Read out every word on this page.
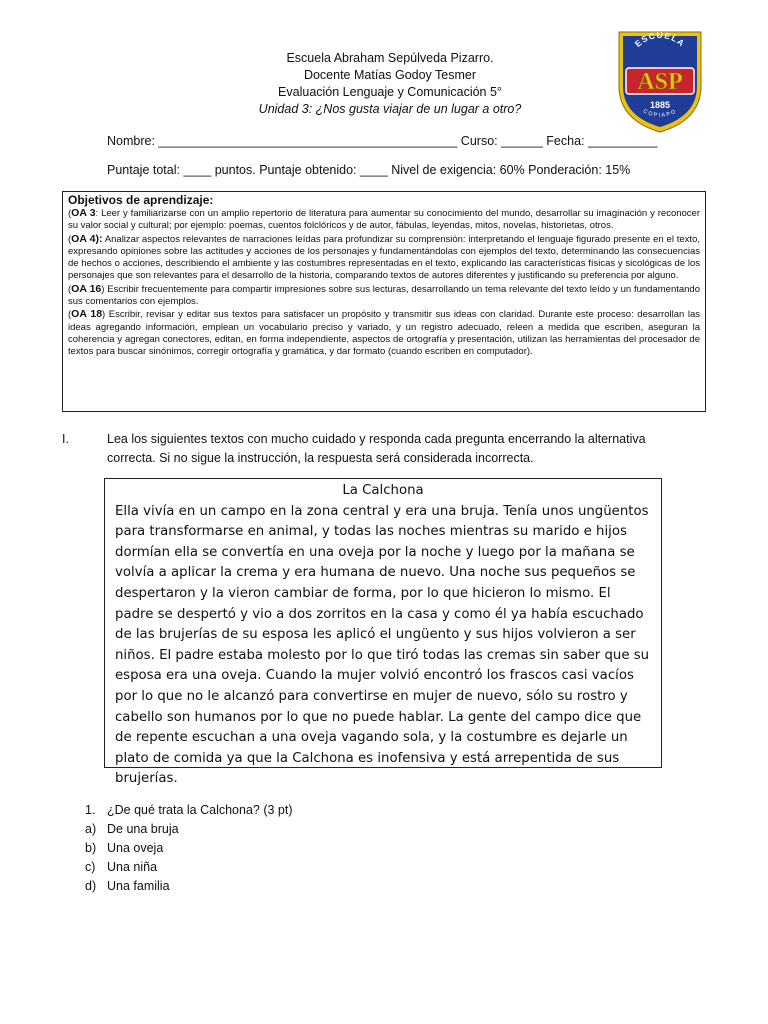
Escuela Abraham Sepúlveda Pizarro.
Docente Matías Godoy Tesmer
Evaluación Lenguaje y Comunicación 5°
Unidad 3: ¿Nos gusta viajar de un lugar a otro?
ESCUELA
ASP
1885
COPIAPO
Nombre: ___________________________________________ Curso: ______ Fecha: __________
Puntaje total: ____ puntos. Puntaje obtenido: ____ Nivel de exigencia: 60% Ponderación: 15%
Objetivos de aprendizaje:

(OA 3: Leer y familiarizarse con un amplio repertorio de literatura para aumentar su conocimiento del mundo, desarrollar su imaginación y reconocer su valor social y cultural; por ejemplo: poemas, cuentos folclóricos y de autor, fábulas, leyendas, mitos, novelas, historietas, otros.

(OA 4): Analizar aspectos relevantes de narraciones leídas para profundizar su comprensión: interpretando el lenguaje figurado presente en el texto, expresando opiniones sobre las actitudes y acciones de los personajes y fundamentándolas con ejemplos del texto, determinando las consecuencias de hechos o acciones, describiendo el ambiente y las costumbres representadas en el texto, explicando las características físicas y sicológicas de los personajes que son relevantes para el desarrollo de la historia, comparando textos de autores diferentes y justificando su preferencia por alguno.

(OA 16) Escribir frecuentemente para compartir impresiones sobre sus lecturas, desarrollando un tema relevante del texto leído y un fundamentando sus comentarios con ejemplos.

(OA 18) Escribir, revisar y editar sus textos para satisfacer un propósito y transmitir sus ideas con claridad. Durante este proceso: desarrollan las ideas agregando información, emplean un vocabulario preciso y variado, y un registro adecuado, releen a medida que escriben, aseguran la coherencia y agregan conectores, editan, en forma independiente, aspectos de ortografía y presentación, utilizan las herramientas del procesador de textos para buscar sinónimos, corregir ortografía y gramática, y dar formato (cuando escriben en computador).

I.	Lea los siguientes textos con mucho cuidado y responda cada pregunta encerrando la alternativa correcta. Si no sigue la instrucción, la respuesta será considerada incorrecta.
La Calchona

Ella vivía en un campo en la zona central y era una bruja. Tenía unos ungüentos para transformarse en animal, y todas las noches mientras su marido e hijos dormían ella se convertía en una oveja por la noche y luego por la mañana se volvía a aplicar la crema y era humana de nuevo. Una noche sus pequeños se despertaron y la vieron cambiar de forma, por lo que hicieron lo mismo. El padre se despertó y vio a dos zorritos en la casa y como él ya había escuchado de las brujerías de su esposa les aplicó el ungüento y sus hijos volvieron a ser niños. El padre estaba molesto por lo que tiró todas las cremas sin saber que su esposa era una oveja. Cuando la mujer volvió encontró los frascos casi vacíos por lo que no le alcanzó para convertirse en mujer de nuevo, sólo su rostro y cabello son humanos por lo que no puede hablar. La gente del campo dice que de repente escuchan a una oveja vagando sola, y la costumbre es dejarle un plato de comida ya que la Calchona es inofensiva y está arrepentida de sus brujerías.

1. ¿De qué trata la Calchona? (3 pt)
a) De una bruja
b) Una oveja
c) Una niña
d) Una familia
